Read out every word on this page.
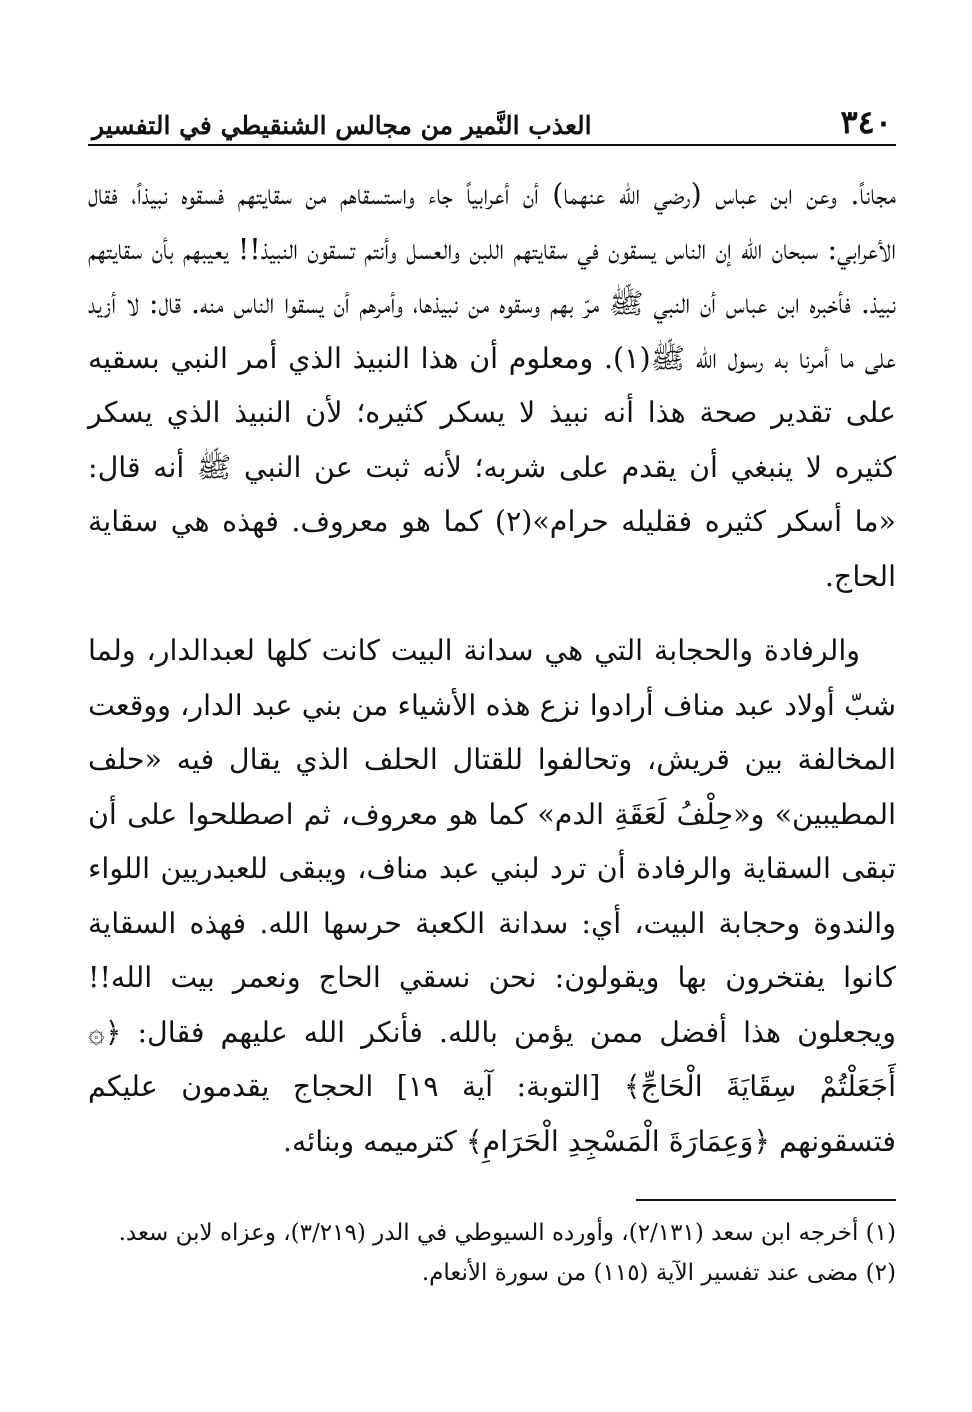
٣٤٠
العذب النَّمير من مجالس الشنقيطي في التفسير

مجاناً. وعن ابن عباس (رضي الله عنهما) أن أعرابياً جاء واستسقاهم من سقايتهم فسقوه نبيذاً، فقال الأعرابي: سبحان الله إن الناس يسقون في سقايتهم اللبن والعسل وأنتم تسقون النبيذ!! يعيبهم بأن سقايتهم نبيذ. فأخبره ابن عباس أن النبي ﷺ مرّ بهم وسقوه من نبيذها، وأمرهم أن يسقوا الناس منه. قال: لا أزيد على ما أمرنا به رسول الله ﷺ(١). ومعلوم أن هذا النبيذ الذي أمر النبي بسقيه على تقدير صحة هذا أنه نبيذ لا يسكر كثيره؛ لأن النبيذ الذي يسكر كثيره لا ينبغي أن يقدم على شربه؛ لأنه ثبت عن النبي ﷺ أنه قال: «ما أسكر كثيره فقليله حرام»(٢) كما هو معروف. فهذه هي سقاية الحاج.

والرفادة والحجابة التي هي سدانة البيت كانت كلها لعبدالدار، ولما شبّ أولاد عبد مناف أرادوا نزع هذه الأشياء من بني عبد الدار، ووقعت المخالفة بين قريش، وتحالفوا للقتال الحلف الذي يقال فيه «حلف المطيبين» و«حِلْفُ لَعَقَةِ الدم» كما هو معروف، ثم اصطلحوا على أن تبقى السقاية والرفادة أن ترد لبني عبد مناف، ويبقى للعبدريين اللواء والندوة وحجابة البيت، أي: سدانة الكعبة حرسها الله. فهذه السقاية كانوا يفتخرون بها ويقولون: نحن نسقي الحاج ونعمر بيت الله!! ويجعلون هذا أفضل ممن يؤمن بالله. فأنكر الله عليهم فقال: ﴿۞ أَجَعَلْتُمْ سِقَايَةَ الْحَاجِّ﴾ [التوبة: آية ١٩] الحجاج يقدمون عليكم فتسقونهم ﴿وَعِمَارَةَ الْمَسْجِدِ الْحَرَامِ﴾ كترميمه وبنائه.

(١) أخرجه ابن سعد (٢/١٣١)، وأورده السيوطي في الدر (٣/٢١٩)، وعزاه لابن سعد.

(٢) مضى عند تفسير الآية (١١٥) من سورة الأنعام.
